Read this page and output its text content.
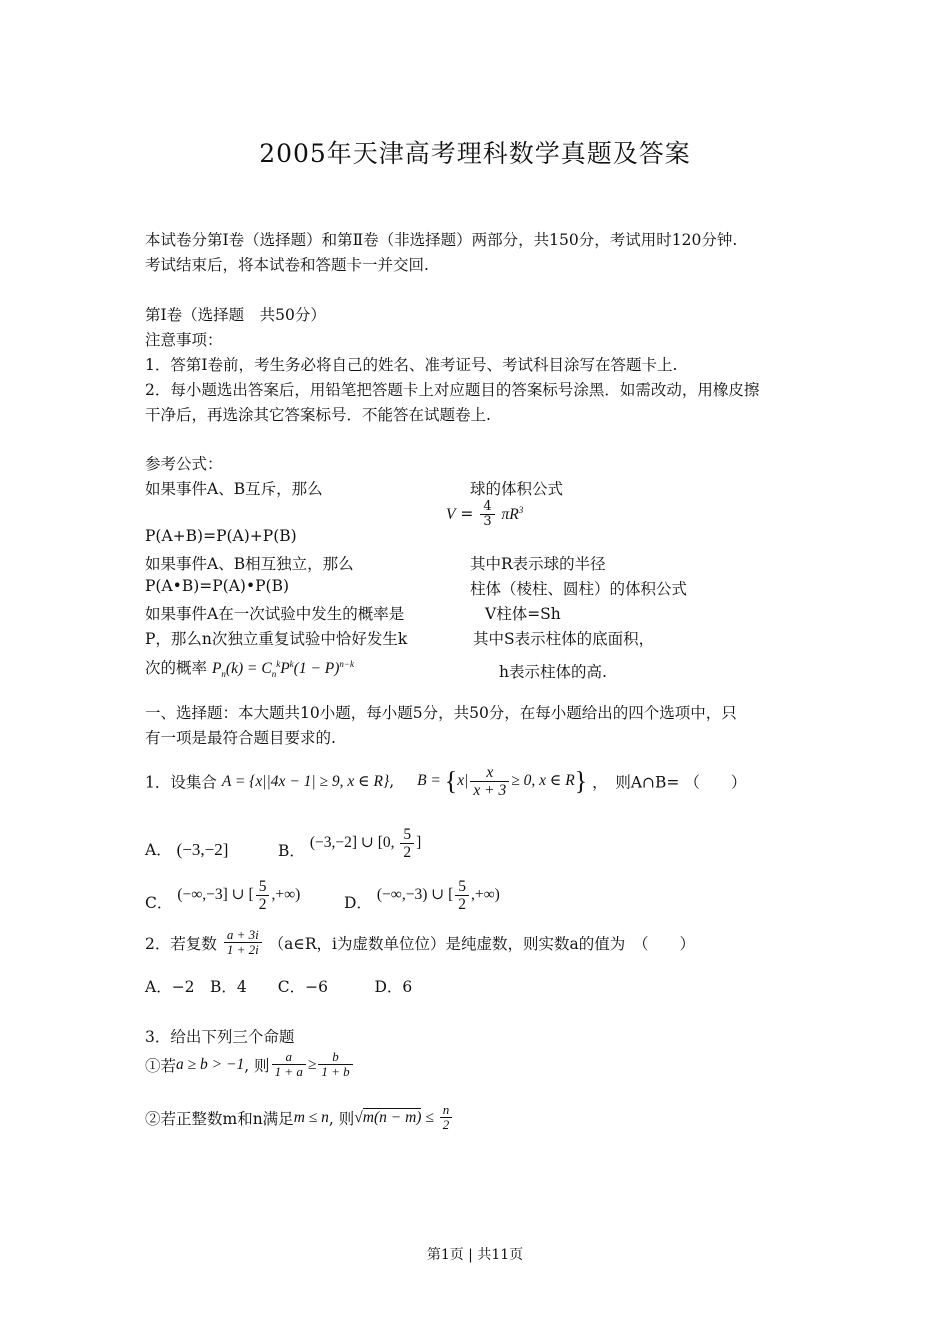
2005年天津高考理科数学真题及答案
本试卷分第Ⅰ卷（选择题）和第Ⅱ卷（非选择题）两部分，共150分，考试用时120分钟.
考试结束后，将本试卷和答题卡一并交回.
第Ⅰ卷（选择题　共50分）
注意事项：
1．答第Ⅰ卷前，考生务必将自己的姓名、准考证号、考试科目涂写在答题卡上.
2．每小题选出答案后，用铅笔把答题卡上对应题目的答案标号涂黑．如需改动，用橡皮擦
干净后，再选涂其它答案标号．不能答在试题卷上.
参考公式：
如果事件A、B互斥，那么	球的体积公式
$V = \frac{4}{3} \pi R^3$
P(A+B)=P(A)+P(B)
如果事件A、B相互独立，那么	其中R表示球的半径
P(A•B)=P(A)•P(B)	柱体（棱柱、圆柱）的体积公式
如果事件A在一次试验中发生的概率是	V柱体=Sh
P，那么n次独立重复试验中恰好发生k	其中S表示柱体的底面积，
次的概率 $P_n(k) = C_n^kP^k(1 - P)^{n-k}$	h表示柱体的高.
一、选择题：本大题共10小题，每小题5分，共50分，在每小题给出的四个选项中，只
有一项是最符合题目要求的.
1．设集合 A = {x||4x − 1| ≥ 9, x ∈ R}, $B = \{x| \frac{x}{x + 3} \ge 0$, x ∈ R} ，　则A∩B= （　　）
A． (−3,−2]	B． (−3,−2] ∪ [0, $\frac{5}{2}$ ]
C． (−∞,−3] ∪ [ $\frac{5}{2}$ ,+∞)	D． (−∞,−3) ∪ [ $\frac{5}{2}$ ,+∞)
2．若复数 $\frac{a + 3i}{1 + 2i}$ （a∈R，i为虚数单位位）是纯虚数，则实数a的值为　（　　）
A．−2　B．4　　C．−6　　　D．6
3．给出下列三个命题
①若a ≥ b > −1, 则 $\frac{a}{1 + a} \ge \frac{b}{1 + b}$
②若正整数m和n满足m ≤ n, 则$√m(n - m) \le \frac{n}{2}$
第1页 | 共11页
